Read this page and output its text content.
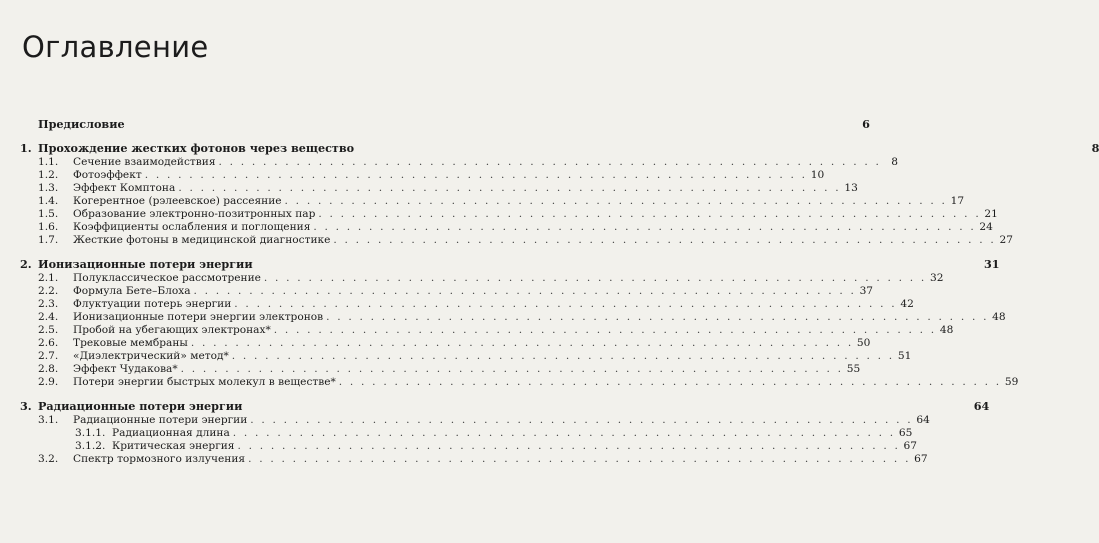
Оглавление
Предисловие	6
1. Прохождение жестких фотонов через вещество	8
1.1.	Сечение взаимодействия . . . . . . . . . . . . . . . . . . . . . . . . . . . . . . . . . . . . . . . . . . . . . . . . . . . . . . . . . . . . 8
1.2.	Фотоэффект . . . . . . . . . . . . . . . . . . . . . . . . . . . . . . . . . . . . . . . . . . . . . . . . . . . . . . . . . . . . 10
1.3.	Эффект Комптона . . . . . . . . . . . . . . . . . . . . . . . . . . . . . . . . . . . . . . . . . . . . . . . . . . . . . . . . . . . . 13
1.4.	Когерентное (рэлеевское) рассеяние . . . . . . . . . . . . . . . . . . . . . . . . . . . . . . . . . . . . . . . . . . . . . . . . . . . . . . . . . . . . 17
1.5.	Образование электронно-позитронных пар . . . . . . . . . . . . . . . . . . . . . . . . . . . . . . . . . . . . . . . . . . . . . . . . . . . . . . . . . . . . 21
1.6.	Коэффициенты ослабления и поглощения . . . . . . . . . . . . . . . . . . . . . . . . . . . . . . . . . . . . . . . . . . . . . . . . . . . . . . . . . . . . 24
1.7.	Жесткие фотоны в медицинской диагностике . . . . . . . . . . . . . . . . . . . . . . . . . . . . . . . . . . . . . . . . . . . . . . . . . . . . . . . . . . . . 27
2. Ионизационные потери энергии	31
2.1.	Полуклассическое рассмотрение . . . . . . . . . . . . . . . . . . . . . . . . . . . . . . . . . . . . . . . . . . . . . . . . . . . . . . . . . . . . 32
2.2.	Формула Бете–Блоха . . . . . . . . . . . . . . . . . . . . . . . . . . . . . . . . . . . . . . . . . . . . . . . . . . . . . . . . . . . . 37
2.3.	Флуктуации потерь энергии . . . . . . . . . . . . . . . . . . . . . . . . . . . . . . . . . . . . . . . . . . . . . . . . . . . . . . . . . . . . 42
2.4.	Ионизационные потери энергии электронов . . . . . . . . . . . . . . . . . . . . . . . . . . . . . . . . . . . . . . . . . . . . . . . . . . . . . . . . . . . . 48
2.5.	Пробой на убегающих электронах* . . . . . . . . . . . . . . . . . . . . . . . . . . . . . . . . . . . . . . . . . . . . . . . . . . . . . . . . . . . . 48
2.6.	Трековые мембраны . . . . . . . . . . . . . . . . . . . . . . . . . . . . . . . . . . . . . . . . . . . . . . . . . . . . . . . . . . . . 50
2.7.	«Диэлектрический» метод* . . . . . . . . . . . . . . . . . . . . . . . . . . . . . . . . . . . . . . . . . . . . . . . . . . . . . . . . . . . . 51
2.8.	Эффект Чудакова* . . . . . . . . . . . . . . . . . . . . . . . . . . . . . . . . . . . . . . . . . . . . . . . . . . . . . . . . . . . . 55
2.9.	Потери энергии быстрых молекул в веществе* . . . . . . . . . . . . . . . . . . . . . . . . . . . . . . . . . . . . . . . . . . . . . . . . . . . . . . . . . . . . 59
3. Радиационные потери энергии	64
3.1.	Радиационные потери энергии . . . . . . . . . . . . . . . . . . . . . . . . . . . . . . . . . . . . . . . . . . . . . . . . . . . . . . . . . . . . 64
3.1.1. Радиационная длина . . . . . . . . . . . . . . . . . . . . . . . . . . . . . . . . . . . . . . . . . . . . . . . . . . . . . . . . . . . . 65
3.1.2. Критическая энергия . . . . . . . . . . . . . . . . . . . . . . . . . . . . . . . . . . . . . . . . . . . . . . . . . . . . . . . . . . . . 67
3.2.	Спектр тормозного излучения . . . . . . . . . . . . . . . . . . . . . . . . . . . . . . . . . . . . . . . . . . . . . . . . . . . . . . . . . . . . 67
